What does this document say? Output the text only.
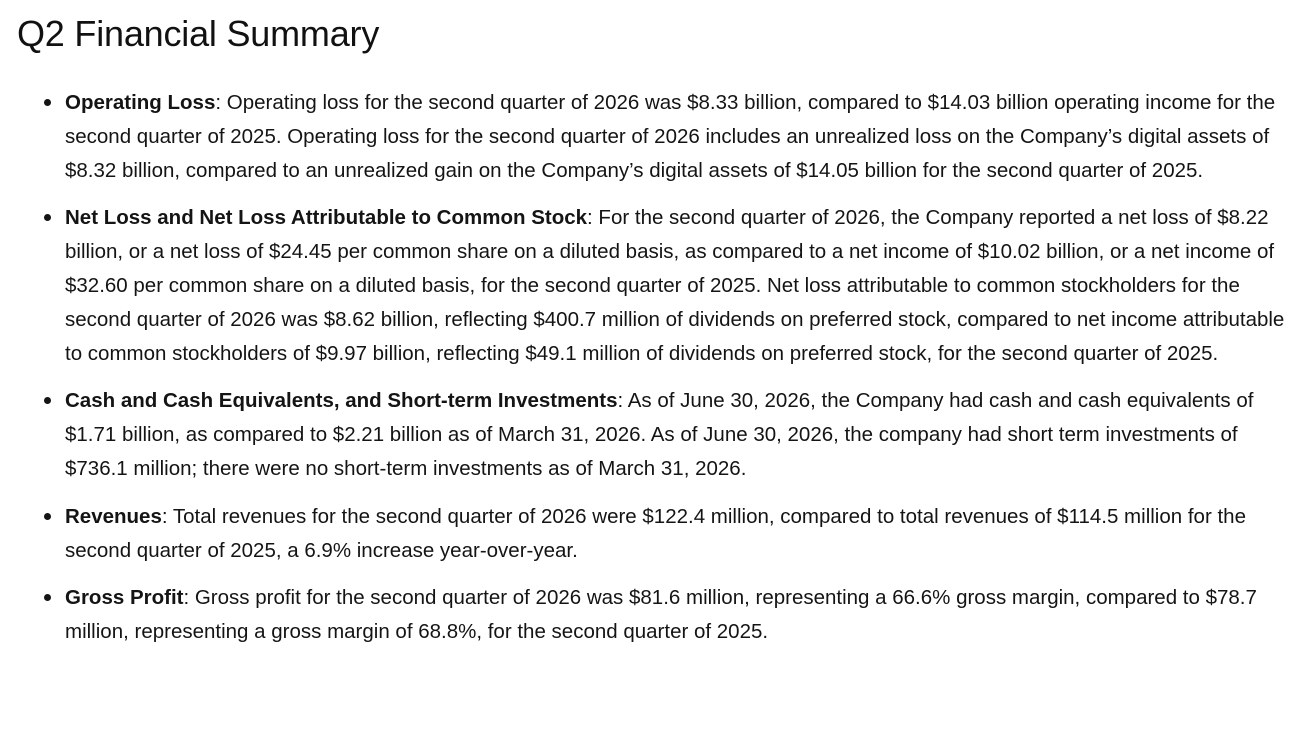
Q2 Financial Summary
Operating Loss: Operating loss for the second quarter of 2026 was $8.33 billion, compared to $14.03 billion operating income for the second quarter of 2025. Operating loss for the second quarter of 2026 includes an unrealized loss on the Company’s digital assets of $8.32 billion, compared to an unrealized gain on the Company’s digital assets of $14.05 billion for the second quarter of 2025.
Net Loss and Net Loss Attributable to Common Stock: For the second quarter of 2026, the Company reported a net loss of $8.22 billion, or a net loss of $24.45 per common share on a diluted basis, as compared to a net income of $10.02 billion, or a net income of $32.60 per common share on a diluted basis, for the second quarter of 2025. Net loss attributable to common stockholders for the second quarter of 2026 was $8.62 billion, reflecting $400.7 million of dividends on preferred stock, compared to net income attributable to common stockholders of $9.97 billion, reflecting $49.1 million of dividends on preferred stock, for the second quarter of 2025.
Cash and Cash Equivalents, and Short-term Investments: As of June 30, 2026, the Company had cash and cash equivalents of $1.71 billion, as compared to $2.21 billion as of March 31, 2026. As of June 30, 2026, the company had short term investments of $736.1 million; there were no short-term investments as of March 31, 2026.
Revenues: Total revenues for the second quarter of 2026 were $122.4 million, compared to total revenues of $114.5 million for the second quarter of 2025, a 6.9% increase year-over-year.
Gross Profit: Gross profit for the second quarter of 2026 was $81.6 million, representing a 66.6% gross margin, compared to $78.7 million, representing a gross margin of 68.8%, for the second quarter of 2025.
